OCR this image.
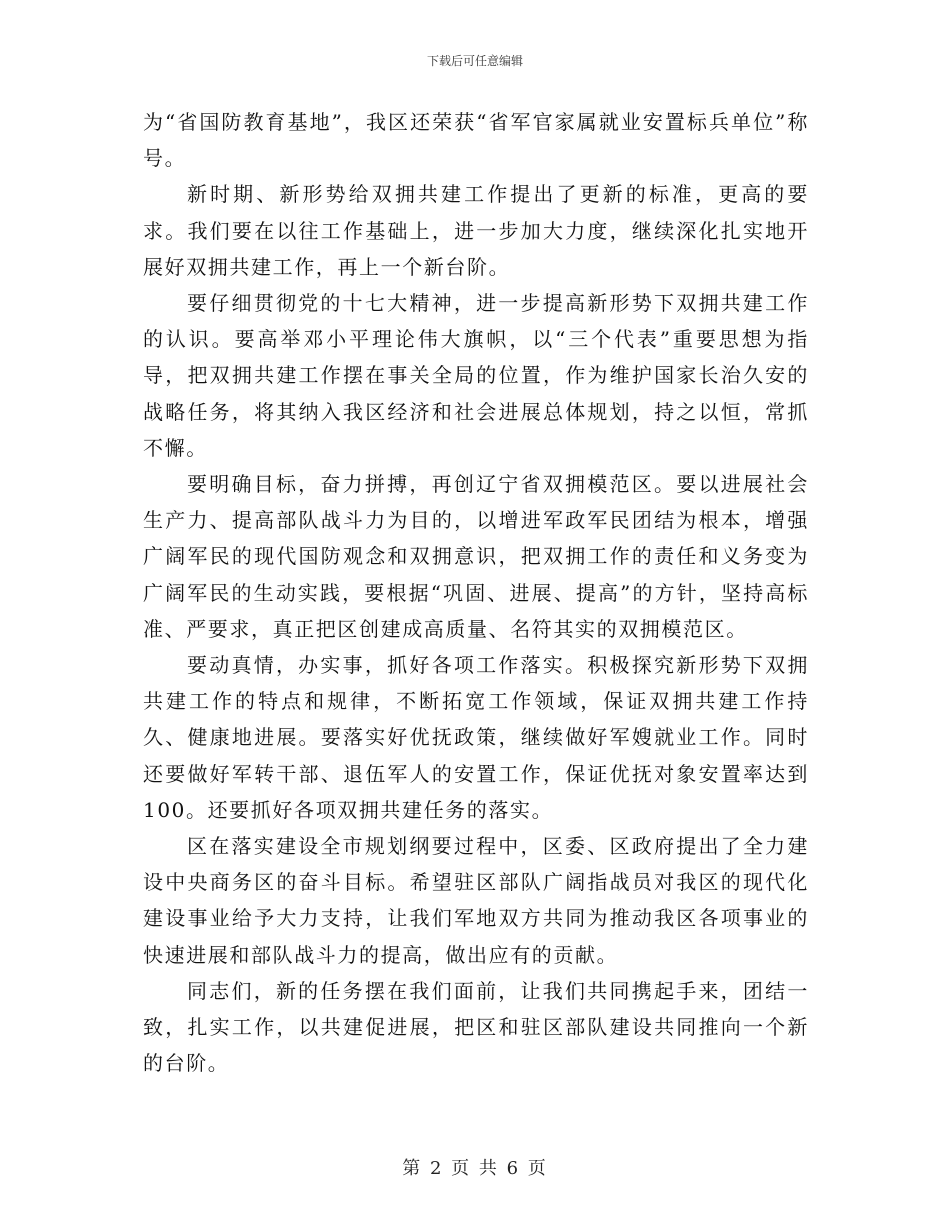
下载后可任意编辑

为“省国防教育基地”，我区还荣获“省军官家属就业安置标兵单位”称号。

新时期、新形势给双拥共建工作提出了更新的标准，更高的要求。我们要在以往工作基础上，进一步加大力度，继续深化扎实地开展好双拥共建工作，再上一个新台阶。

要仔细贯彻党的十七大精神，进一步提高新形势下双拥共建工作的认识。要高举邓小平理论伟大旗帜，以“三个代表”重要思想为指导，把双拥共建工作摆在事关全局的位置，作为维护国家长治久安的战略任务，将其纳入我区经济和社会进展总体规划，持之以恒，常抓不懈。

要明确目标，奋力拼搏，再创辽宁省双拥模范区。要以进展社会生产力、提高部队战斗力为目的，以增进军政军民团结为根本，增强广阔军民的现代国防观念和双拥意识，把双拥工作的责任和义务变为广阔军民的生动实践，要根据“巩固、进展、提高”的方针，坚持高标准、严要求，真正把区创建成高质量、名符其实的双拥模范区。

要动真情，办实事，抓好各项工作落实。积极探究新形势下双拥共建工作的特点和规律，不断拓宽工作领域，保证双拥共建工作持久、健康地进展。要落实好优抚政策，继续做好军嫂就业工作。同时还要做好军转干部、退伍军人的安置工作，保证优抚对象安置率达到100。还要抓好各项双拥共建任务的落实。

区在落实建设全市规划纲要过程中，区委、区政府提出了全力建设中央商务区的奋斗目标。希望驻区部队广阔指战员对我区的现代化建设事业给予大力支持，让我们军地双方共同为推动我区各项事业的快速进展和部队战斗力的提高，做出应有的贡献。

同志们，新的任务摆在我们面前，让我们共同携起手来，团结一致，扎实工作，以共建促进展，把区和驻区部队建设共同推向一个新的台阶。

第 2 页 共 6 页
